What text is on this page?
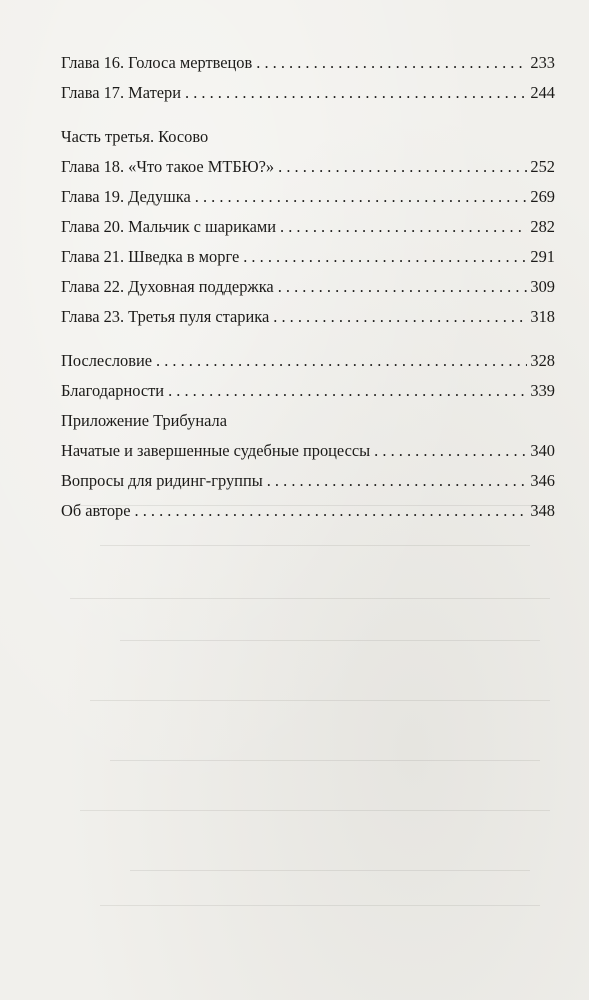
Глава 16. Голоса мертвецов . . .	233
Глава 17. Матери . . .	244
Часть третья. Косово
Глава 18. «Что такое МТБЮ?» . . .	252
Глава 19. Дедушка . . .	269
Глава 20. Мальчик с шариками . . .	282
Глава 21. Шведка в морге . . .	291
Глава 22. Духовная поддержка . . .	309
Глава 23. Третья пуля старика . . .	318
Послесловие . . .	328
Благодарности . . .	339
Приложение Трибунала
Начатые и завершенные судебные процессы . . .	340
Вопросы для ридинг-группы . . .	346
Об авторе . . .	348
